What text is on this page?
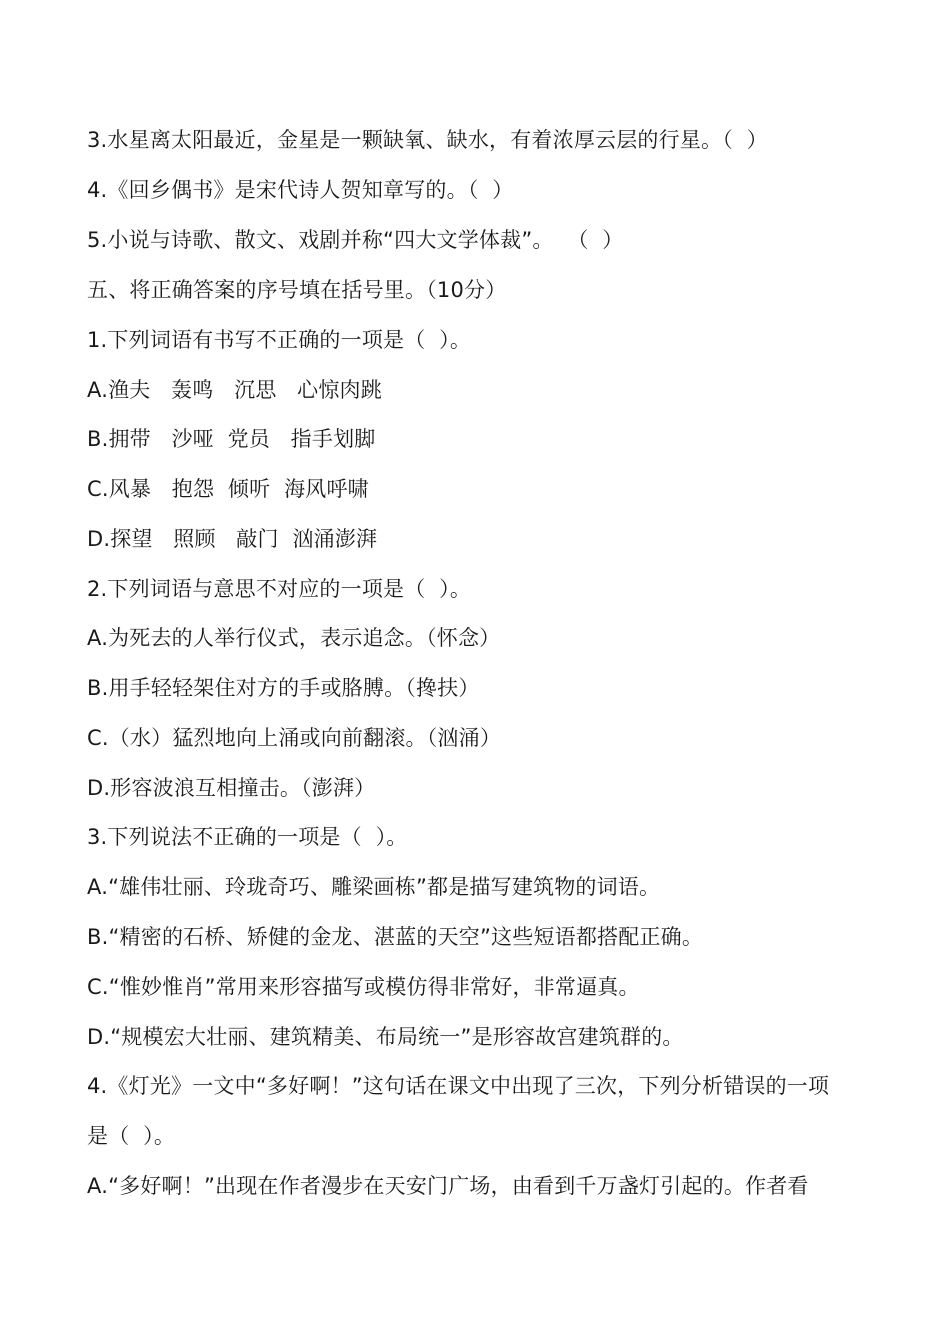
3.水星离太阳最近，金星是一颗缺氧、缺水，有着浓厚云层的行星。（  ）
4.《回乡偶书》是宋代诗人贺知章写的。（  ）
5.小说与诗歌、散文、戏剧并称“四大文学体裁”。  （  ）
五、将正确答案的序号填在括号里。（10分）
1.下列词语有书写不正确的一项是（  ）。
A.渔夫   轰鸣   沉思   心惊肉跳
B.拥带   沙哑  党员   指手划脚
C.风暴   抱怨  倾听  海风呼啸
D.探望   照顾   敲门  汹涌澎湃
2.下列词语与意思不对应的一项是（  ）。
A.为死去的人举行仪式，表示追念。（怀念）
B.用手轻轻架住对方的手或胳膊。（搀扶）
C.（水）猛烈地向上涌或向前翻滚。（汹涌）
D.形容波浪互相撞击。（澎湃）
3.下列说法不正确的一项是（  ）。
A.“雄伟壮丽、玲珑奇巧、雕梁画栋”都是描写建筑物的词语。
B.“精密的石桥、矫健的金龙、湛蓝的天空”这些短语都搭配正确。
C.“惟妙惟肖”常用来形容描写或模仿得非常好，非常逼真。
D.“规模宏大壮丽、建筑精美、布局统一”是形容故宫建筑群的。
4.《灯光》一文中“多好啊！”这句话在课文中出现了三次，下列分析错误的一项
是（  ）。
A.“多好啊！”出现在作者漫步在天安门广场，由看到千万盏灯引起的。作者看
